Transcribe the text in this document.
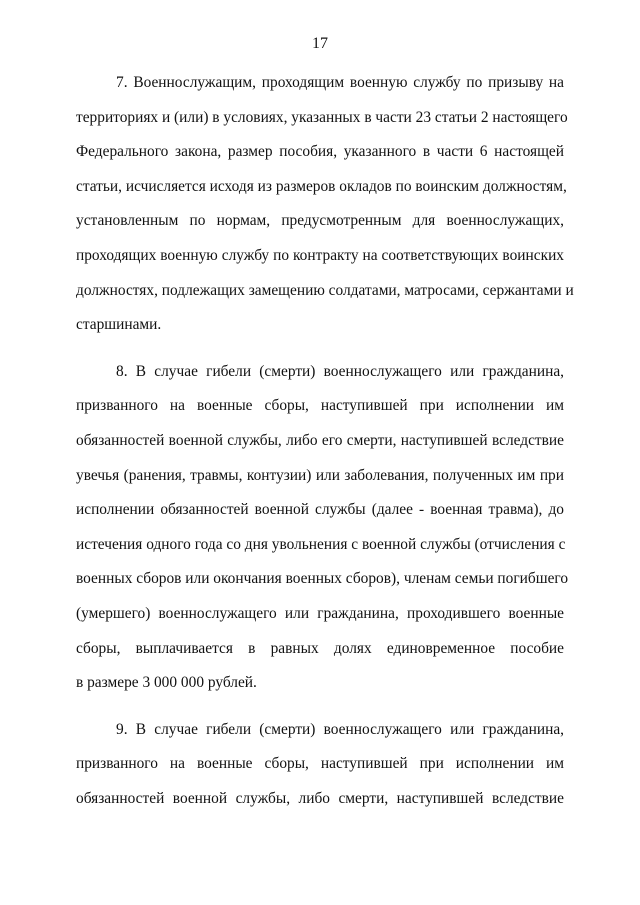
17
7. Военнослужащим, проходящим военную службу по призыву на
территориях и (или) в условиях, указанных в части 23 статьи 2 настоящего
Федерального закона, размер пособия, указанного в части 6 настоящей
статьи, исчисляется исходя из размеров окладов по воинским должностям,
установленным по нормам, предусмотренным для военнослужащих,
проходящих военную службу по контракту на соответствующих воинских
должностях, подлежащих замещению солдатами, матросами, сержантами и
старшинами.
8. В случае гибели (смерти) военнослужащего или гражданина,
призванного на военные сборы, наступившей при исполнении им
обязанностей военной службы, либо его смерти, наступившей вследствие
увечья (ранения, травмы, контузии) или заболевания, полученных им при
исполнении обязанностей военной службы (далее - военная травма), до
истечения одного года со дня увольнения с военной службы (отчисления с
военных сборов или окончания военных сборов), членам семьи погибшего
(умершего) военнослужащего или гражданина, проходившего военные
сборы, выплачивается в равных долях единовременное пособие
в размере 3 000 000 рублей.
9. В случае гибели (смерти) военнослужащего или гражданина,
призванного на военные сборы, наступившей при исполнении им
обязанностей военной службы, либо смерти, наступившей вследствие
